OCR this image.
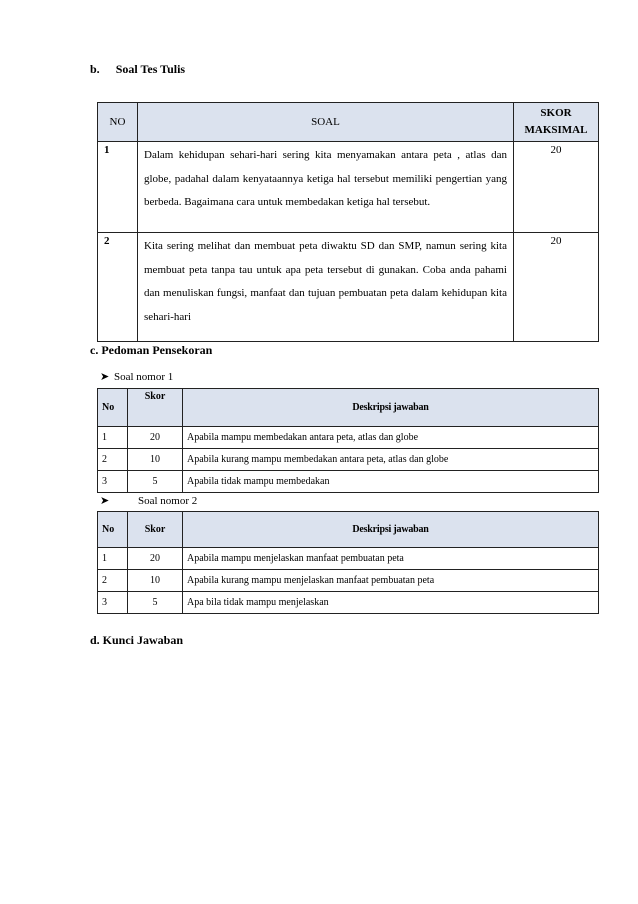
b. Soal Tes Tulis
NO	SOAL	SKOR MAKSIMAL
1	Dalam kehidupan sehari-hari sering kita menyamakan antara peta , atlas dan globe, padahal dalam kenyataannya ketiga hal tersebut memiliki pengertian yang berbeda. Bagaimana cara untuk membedakan ketiga hal tersebut.	20
2	Kita sering melihat dan membuat peta diwaktu SD dan SMP, namun sering kita membuat peta tanpa tau untuk apa peta tersebut di gunakan. Coba anda pahami dan menuliskan fungsi, manfaat dan tujuan pembuatan peta dalam kehidupan kita sehari-hari	20
c. Pedoman Pensekoran
➤ Soal nomor 1
No	Skor	Deskripsi jawaban
1	20	Apabila mampu membedakan antara peta, atlas dan globe
2	10	Apabila kurang mampu membedakan antara peta, atlas dan globe
3	5	Apabila tidak mampu membedakan
➤	Soal nomor 2
No	Skor	Deskripsi jawaban
1	20	Apabila mampu menjelaskan manfaat pembuatan peta
2	10	Apabila kurang mampu menjelaskan manfaat pembuatan peta
3	5	Apa bila tidak mampu menjelaskan
d. Kunci Jawaban
